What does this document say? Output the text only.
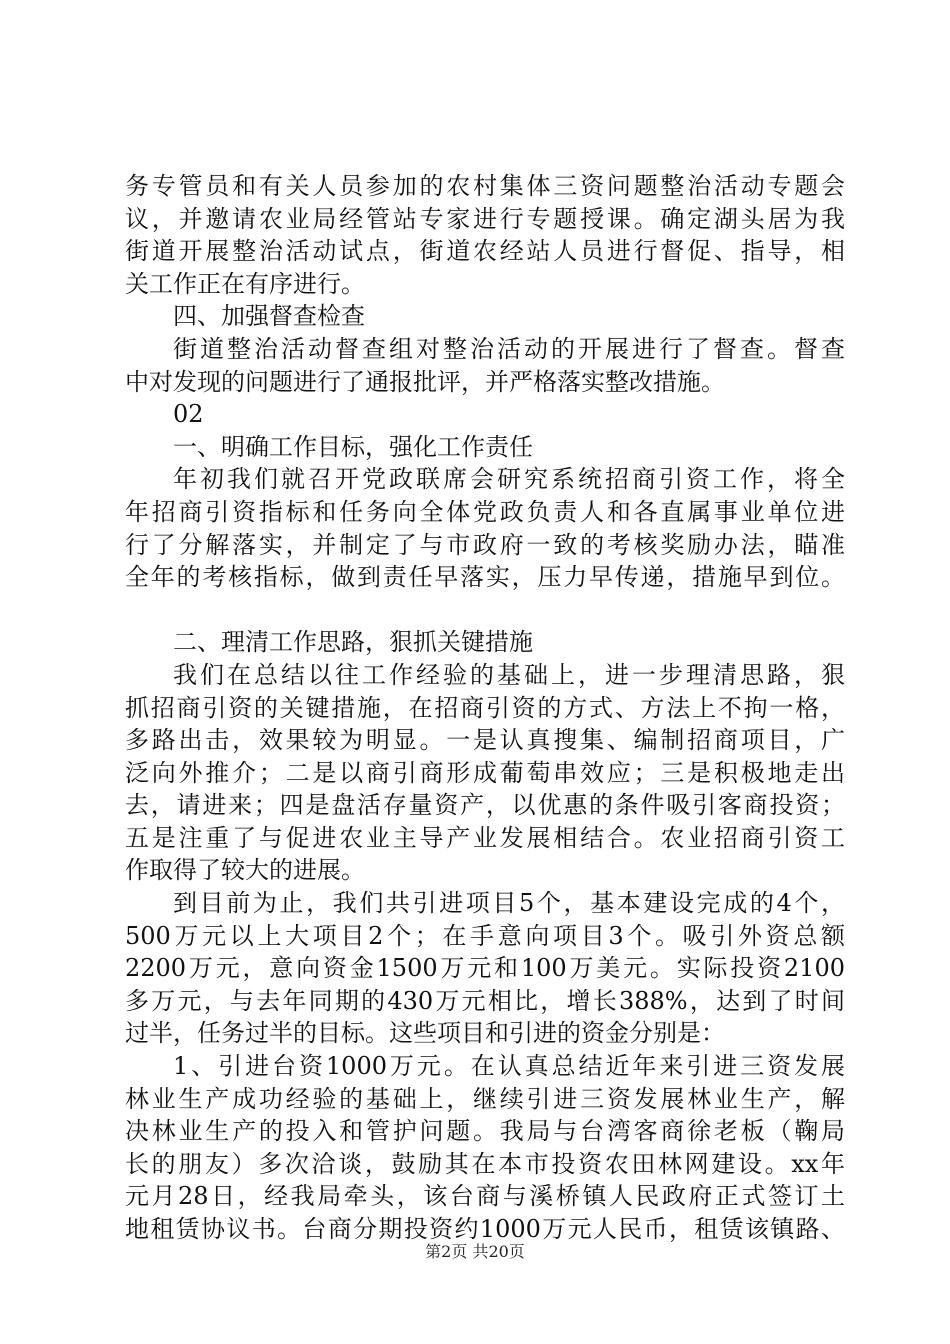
务专管员和有关人员参加的农村集体三资问题整治活动专题会
议，并邀请农业局经管站专家进行专题授课。确定湖头居为我
街道开展整治活动试点，街道农经站人员进行督促、指导，相
关工作正在有序进行。
四、加强督查检查
街道整治活动督查组对整治活动的开展进行了督查。督查
中对发现的问题进行了通报批评，并严格落实整改措施。
02
一、明确工作目标，强化工作责任
年初我们就召开党政联席会研究系统招商引资工作，将全
年招商引资指标和任务向全体党政负责人和各直属事业单位进
行了分解落实，并制定了与市政府一致的考核奖励办法，瞄准
全年的考核指标，做到责任早落实，压力早传递，措施早到位。
二、理清工作思路，狠抓关键措施
我们在总结以往工作经验的基础上，进一步理清思路，狠
抓招商引资的关键措施，在招商引资的方式、方法上不拘一格，
多路出击，效果较为明显。一是认真搜集、编制招商项目，广
泛向外推介；二是以商引商形成葡萄串效应；三是积极地走出
去，请进来；四是盘活存量资产，以优惠的条件吸引客商投资；
五是注重了与促进农业主导产业发展相结合。农业招商引资工
作取得了较大的进展。
到目前为止，我们共引进项目5个，基本建设完成的4个，
500万元以上大项目2个；在手意向项目3个。吸引外资总额
2200万元，意向资金1500万元和100万美元。实际投资2100
多万元，与去年同期的430万元相比，增长388%，达到了时间
过半，任务过半的目标。这些项目和引进的资金分别是：
1、引进台资1000万元。在认真总结近年来引进三资发展
林业生产成功经验的基础上，继续引进三资发展林业生产，解
决林业生产的投入和管护问题。我局与台湾客商徐老板（鞠局
长的朋友）多次洽谈，鼓励其在本市投资农田林网建设。xx年
元月28日，经我局牵头，该台商与溪桥镇人民政府正式签订土
地租赁协议书。台商分期投资约1000万元人民币，租赁该镇路、
第2页 共20页
